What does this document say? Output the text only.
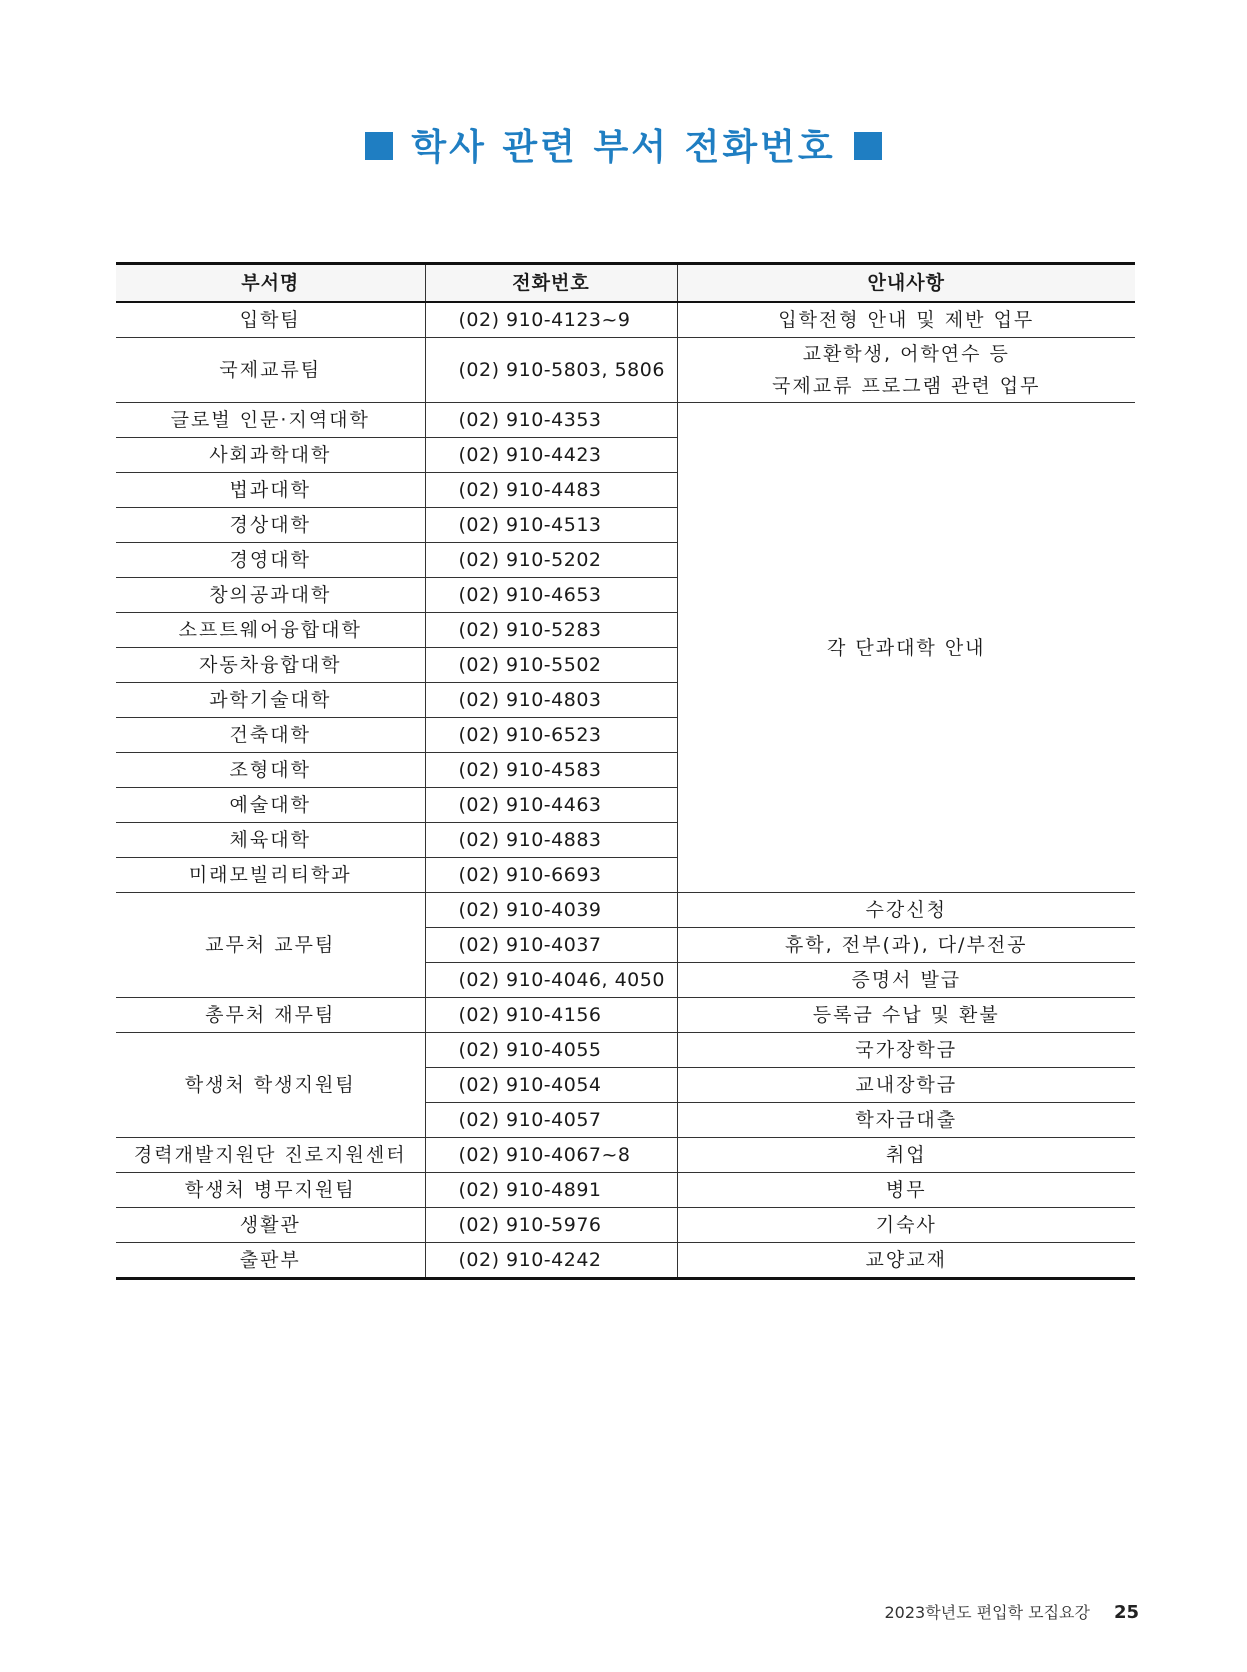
학사 관련 부서 전화번호
부서명	전화번호	안내사항
입학팀	(02) 910-4123~9	입학전형 안내 및 제반 업무
국제교류팀	(02) 910-5803, 5806	교환학생, 어학연수 등
국제교류 프로그램 관련 업무

글로벌 인문·지역대학	(02) 910-4353	각 단과대학 안내
사회과학대학	(02) 910-4423	
법과대학	(02) 910-4483	
경상대학	(02) 910-4513	
경영대학	(02) 910-5202	
창의공과대학	(02) 910-4653	
소프트웨어융합대학	(02) 910-5283	
자동차융합대학	(02) 910-5502	
과학기술대학	(02) 910-4803	
건축대학	(02) 910-6523	
조형대학	(02) 910-4583	
예술대학	(02) 910-4463	
체육대학	(02) 910-4883	
미래모빌리티학과	(02) 910-6693	
교무처 교무팀	(02) 910-4039	수강신청
	(02) 910-4037	휴학, 전부(과), 다/부전공
	(02) 910-4046, 4050	증명서 발급
총무처 재무팀	(02) 910-4156	등록금 수납 및 환불
학생처 학생지원팀	(02) 910-4055	국가장학금
	(02) 910-4054	교내장학금
	(02) 910-4057	학자금대출
경력개발지원단 진로지원센터	(02) 910-4067~8	취업
학생처 병무지원팀	(02) 910-4891	병무
생활관	(02) 910-5976	기숙사
출판부	(02) 910-4242	교양교재
2023학년도 편입학 모집요강 25
